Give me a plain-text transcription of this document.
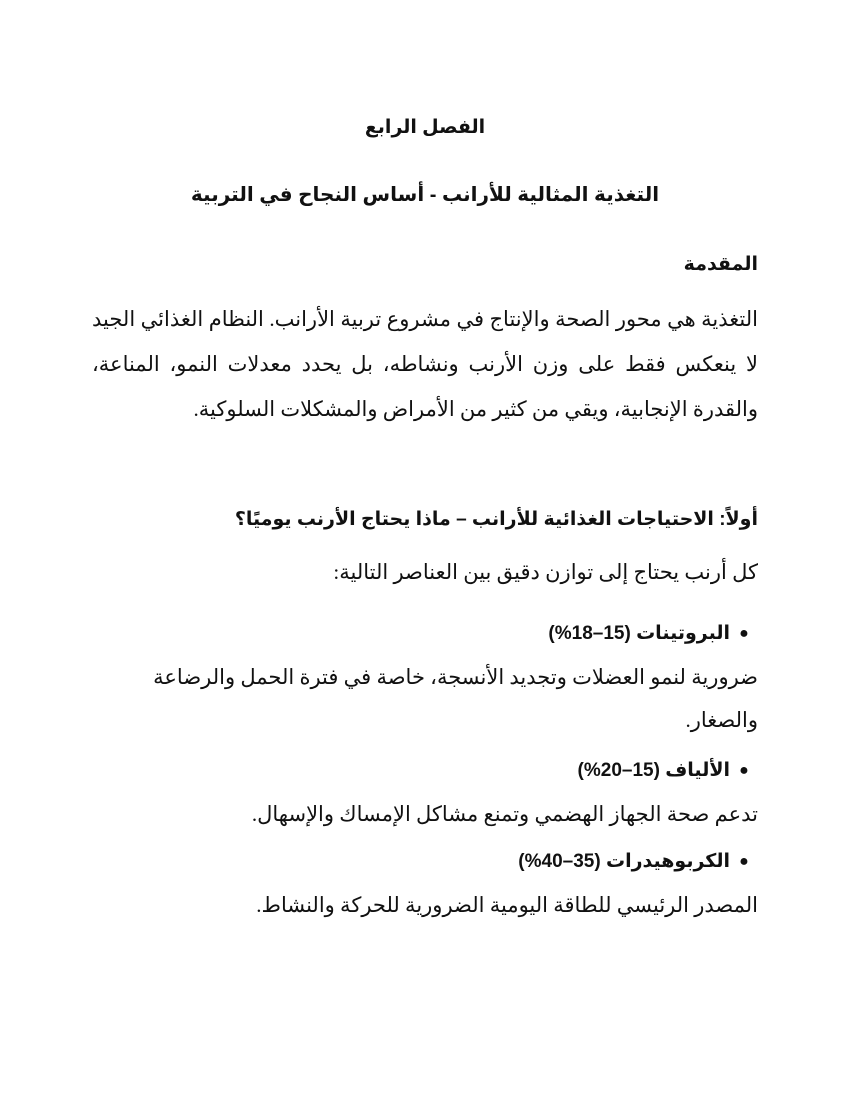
الفصل الرابع
التغذية المثالية للأرانب - أساس النجاح في التربية
المقدمة

التغذية هي محور الصحة والإنتاج في مشروع تربية الأرانب. النظام الغذائي الجيد لا ينعكس فقط على وزن الأرنب ونشاطه، بل يحدد معدلات النمو، المناعة، والقدرة الإنجابية، ويقي من كثير من الأمراض والمشكلات السلوكية.

أولاً: الاحتياجات الغذائية للأرانب – ماذا يحتاج الأرنب يوميًا؟

كل أرنب يحتاج إلى توازن دقيق بين العناصر التالية:

●
البروتينات (15–18%)

ضرورية لنمو العضلات وتجديد الأنسجة، خاصة في فترة الحمل والرضاعة والصغار.

●
الألياف (15–20%)

تدعم صحة الجهاز الهضمي وتمنع مشاكل الإمساك والإسهال.

●
الكربوهيدرات (35–40%)

المصدر الرئيسي للطاقة اليومية الضرورية للحركة والنشاط.
